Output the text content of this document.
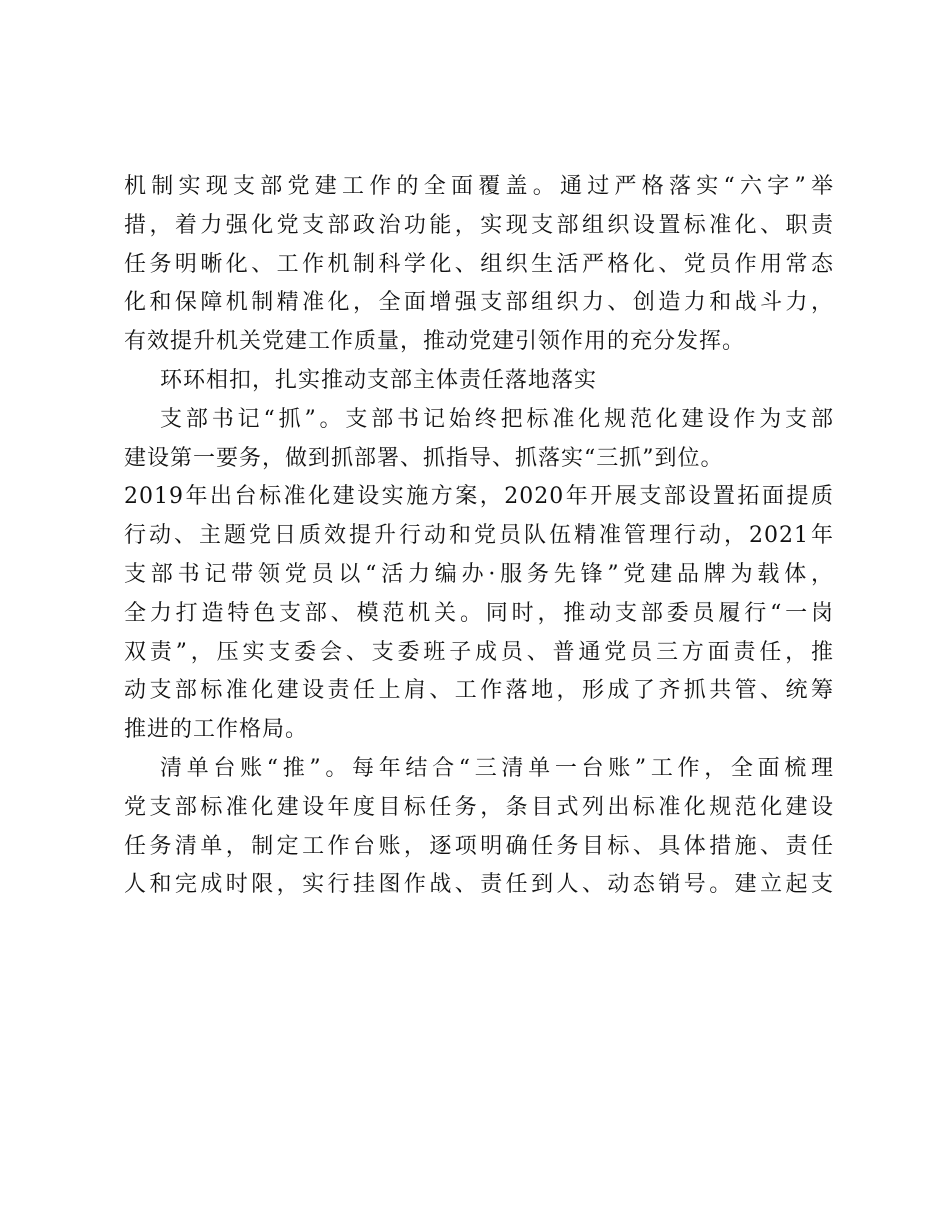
机制实现支部党建工作的全面覆盖。通过严格落实“六字”举
措，着力强化党支部政治功能，实现支部组织设置标准化、职责
任务明晰化、工作机制科学化、组织生活严格化、党员作用常态
化和保障机制精准化，全面增强支部组织力、创造力和战斗力，
有效提升机关党建工作质量，推动党建引领作用的充分发挥。
环环相扣，扎实推动支部主体责任落地落实
支部书记“抓”。支部书记始终把标准化规范化建设作为支部
建设第一要务，做到抓部署、抓指导、抓落实“三抓”到位。
2019年出台标准化建设实施方案，2020年开展支部设置拓面提质
行动、主题党日质效提升行动和党员队伍精准管理行动，2021年
支部书记带领党员以“活力编办·服务先锋”党建品牌为载体，
全力打造特色支部、模范机关。同时，推动支部委员履行“一岗
双责”，压实支委会、支委班子成员、普通党员三方面责任，推
动支部标准化建设责任上肩、工作落地，形成了齐抓共管、统筹
推进的工作格局。
清单台账“推”。每年结合“三清单一台账”工作，全面梳理
党支部标准化建设年度目标任务，条目式列出标准化规范化建设
任务清单，制定工作台账，逐项明确任务目标、具体措施、责任
人和完成时限，实行挂图作战、责任到人、动态销号。建立起支
